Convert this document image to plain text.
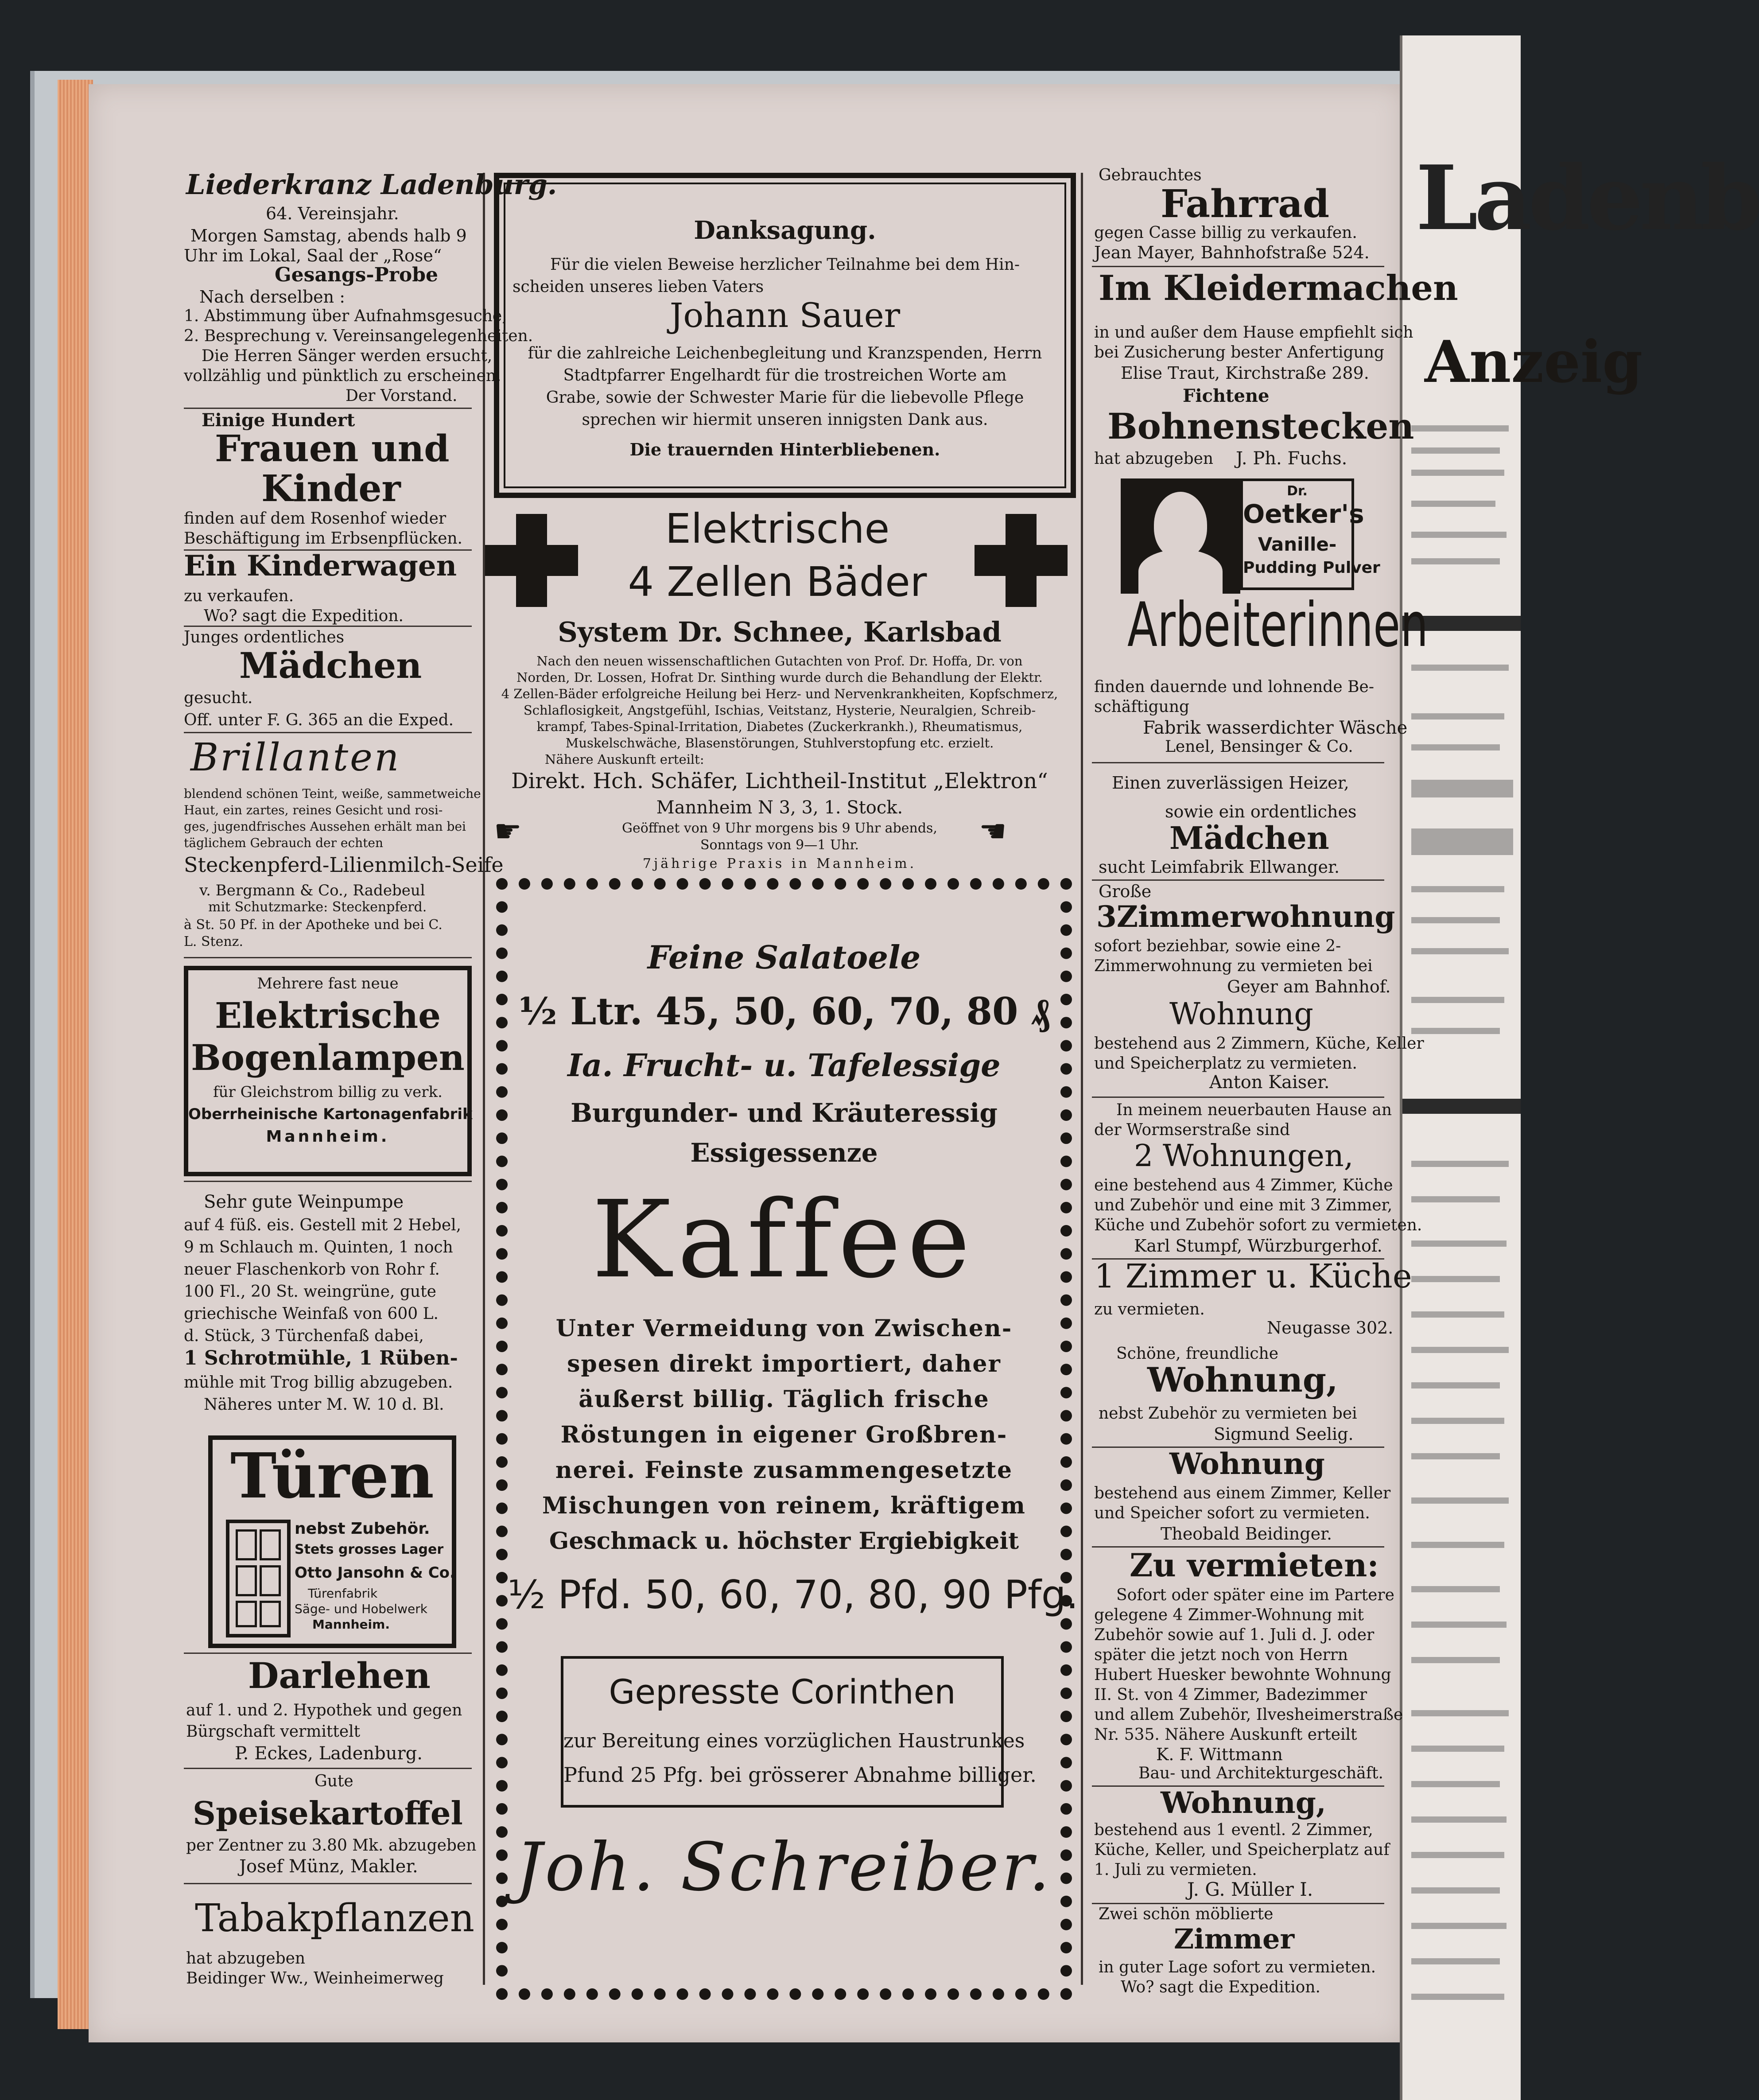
Ladenb
Anzeig
Liederkranz Ladenburg.
64. Vereinsjahr.
Morgen Samstag, abends halb 9
Uhr im Lokal, Saal der „Rose“
Gesangs-Probe
Nach derselben :
1. Abstimmung über Aufnahmsgesuche,
2. Besprechung v. Vereinsangelegenheiten.
Die Herren Sänger werden ersucht,
vollzählig und pünktlich zu erscheinen.
Der Vorstand.
Einige Hundert
Frauen und
Kinder
finden auf dem Rosenhof wieder
Beschäftigung im Erbsenpflücken.
Ein Kinderwagen
zu verkaufen.
Wo? sagt die Expedition.
Junges ordentliches
Mädchen
gesucht.
Off. unter F. G. 365 an die Exped.
Brillanten
blendend schönen Teint, weiße, sammetweiche
Haut, ein zartes, reines Gesicht und rosi-
ges, jugendfrisches Aussehen erhält man bei
täglichem Gebrauch der echten
Steckenpferd-Lilienmilch-Seife
v. Bergmann & Co., Radebeul
mit Schutzmarke: Steckenpferd.
à St. 50 Pf. in der Apotheke und bei C.
L. Stenz.
Mehrere fast neue
Elektrische
Bogenlampen
für Gleichstrom billig zu verk.
Oberrheinische Kartonagenfabrik
Mannheim.
Sehr gute Weinpumpe
auf 4 füß. eis. Gestell mit 2 Hebel,
9 m Schlauch m. Quinten, 1 noch
neuer Flaschenkorb von Rohr f.
100 Fl., 20 St. weingrüne, gute
griechische Weinfaß von 600 L.
d. Stück, 3 Türchenfaß dabei,
1 Schrotmühle, 1 Rüben-
mühle mit Trog billig abzugeben.
Näheres unter M. W. 10 d. Bl.
Türen
nebst Zubehör.
Stets grosses Lager
Otto Jansohn & Co.
Türenfabrik
Säge- und Hobelwerk
Mannheim.
Darlehen
auf 1. und 2. Hypothek und gegen
Bürgschaft vermittelt
P. Eckes, Ladenburg.
Gute
Speisekartoffel
per Zentner zu 3.80 Mk. abzugeben
Josef Münz, Makler.
Tabakpflanzen
hat abzugeben
Beidinger Ww., Weinheimerweg
Danksagung.
Für die vielen Beweise herzlicher Teilnahme bei dem Hin-
scheiden unseres lieben Vaters
Johann Sauer
für die zahlreiche Leichenbegleitung und Kranzspenden, Herrn
Stadtpfarrer Engelhardt für die trostreichen Worte am
Grabe, sowie der Schwester Marie für die liebevolle Pflege
sprechen wir hiermit unseren innigsten Dank aus.
Die trauernden Hinterbliebenen.
Elektrische
4 Zellen Bäder
System Dr. Schnee, Karlsbad
Nach den neuen wissenschaftlichen Gutachten von Prof. Dr. Hoffa, Dr. von
Norden, Dr. Lossen, Hofrat Dr. Sinthing wurde durch die Behandlung der Elektr.
4 Zellen-Bäder erfolgreiche Heilung bei Herz- und Nervenkrankheiten, Kopfschmerz,
Schlaflosigkeit, Angstgefühl, Ischias, Veitstanz, Hysterie, Neuralgien, Schreib-
krampf, Tabes-Spinal-Irritation, Diabetes (Zuckerkrankh.), Rheumatismus,
Muskelschwäche, Blasenstörungen, Stuhlverstopfung etc. erzielt.
Nähere Auskunft erteilt:
Direkt. Hch. Schäfer, Lichtheil-Institut „Elektron“
Mannheim N 3, 3, 1. Stock.
☛	☛
Geöffnet von 9 Uhr morgens bis 9 Uhr abends,
Sonntags von 9—1 Uhr.
7jährige Praxis in Mannheim.
Feine Salatoele
½ Ltr. 45, 50, 60, 70, 80 ₰
Ia. Frucht- u. Tafelessige
Burgunder- und Kräuteressig
Essigessenze
Kaffee
Unter Vermeidung von Zwischen-
spesen direkt importiert, daher
äußerst billig. Täglich frische
Röstungen in eigener Großbren-
nerei. Feinste zusammengesetzte
Mischungen von reinem, kräftigem
Geschmack u. höchster Ergiebigkeit
½ Pfd. 50, 60, 70, 80, 90 Pfg.
Gepresste Corinthen
zur Bereitung eines vorzüglichen Haustrunkes
Pfund 25 Pfg. bei grösserer Abnahme billiger.
Joh. Schreiber.
Gebrauchtes
Fahrrad
gegen Casse billig zu verkaufen.
Jean Mayer, Bahnhofstraße 524.
Im Kleidermachen
in und außer dem Hause empfiehlt sich
bei Zusicherung bester Anfertigung
Elise Traut, Kirchstraße 289.
Fichtene
Bohnenstecken
hat abzugeben J. Ph. Fuchs.
Dr.
Oetker's
Vanille-
Pudding Pulver
Arbeiterinnen
finden dauernde und lohnende Be-
schäftigung
Fabrik wasserdichter Wäsche
Lenel, Bensinger & Co.
Einen zuverlässigen Heizer,
sowie ein ordentliches
Mädchen
sucht Leimfabrik Ellwanger.
Große
3Zimmerwohnung
sofort beziehbar, sowie eine 2-
Zimmerwohnung zu vermieten bei
Geyer am Bahnhof.
Wohnung
bestehend aus 2 Zimmern, Küche, Keller
und Speicherplatz zu vermieten.
Anton Kaiser.
In meinem neuerbauten Hause an
der Wormserstraße sind
2 Wohnungen,
eine bestehend aus 4 Zimmer, Küche
und Zubehör und eine mit 3 Zimmer,
Küche und Zubehör sofort zu vermieten.
Karl Stumpf, Würzburgerhof.
1 Zimmer u. Küche
zu vermieten.
Neugasse 302.
Schöne, freundliche
Wohnung,
nebst Zubehör zu vermieten bei
Sigmund Seelig.
Wohnung
bestehend aus einem Zimmer, Keller
und Speicher sofort zu vermieten.
Theobald Beidinger.
Zu vermieten:
Sofort oder später eine im Partere
gelegene 4 Zimmer-Wohnung mit
Zubehör sowie auf 1. Juli d. J. oder
später die jetzt noch von Herrn
Hubert Huesker bewohnte Wohnung
II. St. von 4 Zimmer, Badezimmer
und allem Zubehör, Ilvesheimerstraße
Nr. 535. Nähere Auskunft erteilt
K. F. Wittmann
Bau- und Architekturgeschäft.
Wohnung,
bestehend aus 1 eventl. 2 Zimmer,
Küche, Keller, und Speicherplatz auf
1. Juli zu vermieten.
J. G. Müller I.
Zwei schön möblierte
Zimmer
in guter Lage sofort zu vermieten.
Wo? sagt die Expedition.
